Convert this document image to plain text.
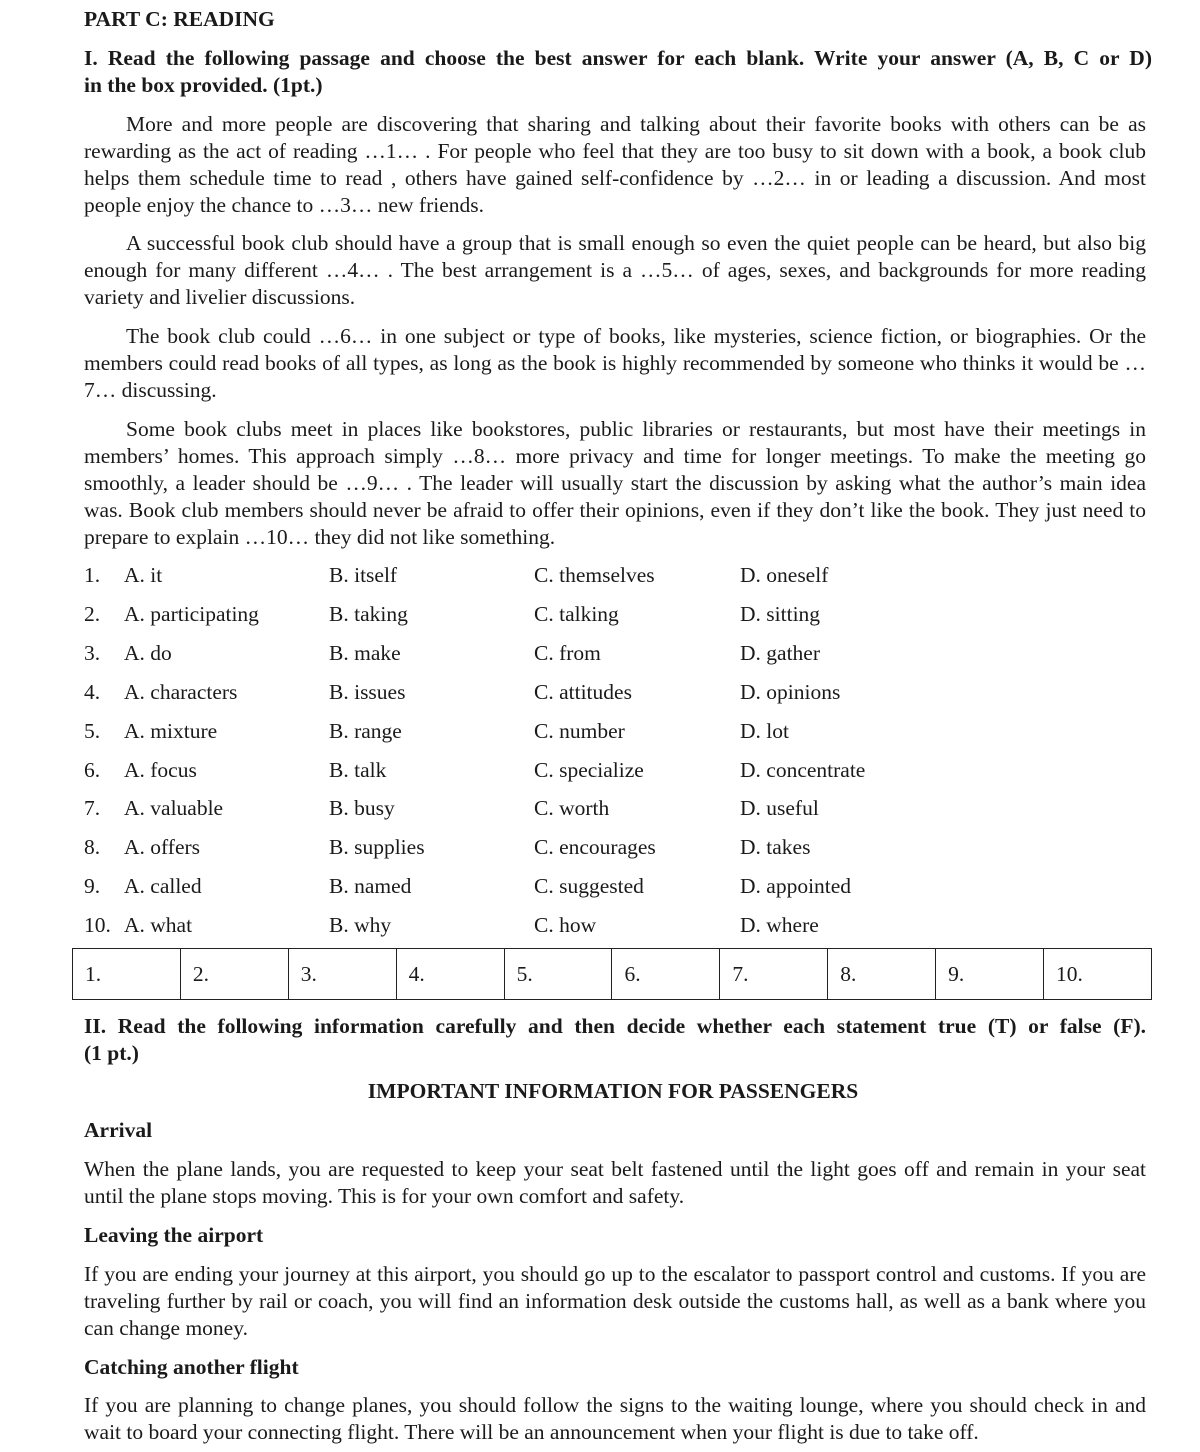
PART C: READING
I. Read the following passage and choose the best answer for each blank. Write your answer (A, B, C or D)
in the box provided. (1pt.)
More and more people are discovering that sharing and talking about their favorite books with others can be as rewarding as the act of reading …1… . For people who feel that they are too busy to sit down with a book, a book club helps them schedule time to read , others have gained self-confidence by …2… in or leading a discussion. And most people enjoy the chance to …3… new friends.
A successful book club should have a group that is small enough so even the quiet people can be heard, but also big enough for many different …4… . The best arrangement is a …5… of ages, sexes, and backgrounds for more reading variety and livelier discussions.
The book club could …6… in one subject or type of books, like mysteries, science fiction, or biographies. Or the members could read books of all types, as long as the book is highly recommended by someone who thinks it would be …7… discussing.
Some book clubs meet in places like bookstores, public libraries or restaurants, but most have their meetings in members’ homes. This approach simply …8… more privacy and time for longer meetings. To make the meeting go smoothly, a leader should be …9… . The leader will usually start the discussion by asking what the author’s main idea was. Book club members should never be afraid to offer their opinions, even if they don’t like the book. They just need to prepare to explain …10… they did not like something.
1. A. it	B. itself	C. themselves	D. oneself
2. A. participating	B. taking	C. talking	D. sitting
3. A. do	B. make	C. from	D. gather
4. A. characters	B. issues	C. attitudes	D. opinions
5. A. mixture	B. range	C. number	D. lot
6. A. focus	B. talk	C. specialize	D. concentrate
7. A. valuable	B. busy	C. worth	D. useful
8. A. offers	B. supplies	C. encourages	D. takes
9. A. called	B. named	C. suggested	D. appointed
10. A. what	B. why	C. how	D. where
1.	2.	3.	4.	5.	6.	7.	8.	9.	10.
II. Read the following information carefully and then decide whether each statement true (T) or false (F).
(1 pt.)
IMPORTANT INFORMATION FOR PASSENGERS
Arrival
When the plane lands, you are requested to keep your seat belt fastened until the light goes off and remain in your seat until the plane stops moving. This is for your own comfort and safety.
Leaving the airport
If you are ending your journey at this airport, you should go up to the escalator to passport control and customs. If you are traveling further by rail or coach, you will find an information desk outside the customs hall, as well as a bank where you can change money.
Catching another flight
If you are planning to change planes, you should follow the signs to the waiting lounge, where you should check in and wait to board your connecting flight. There will be an announcement when your flight is due to take off.
